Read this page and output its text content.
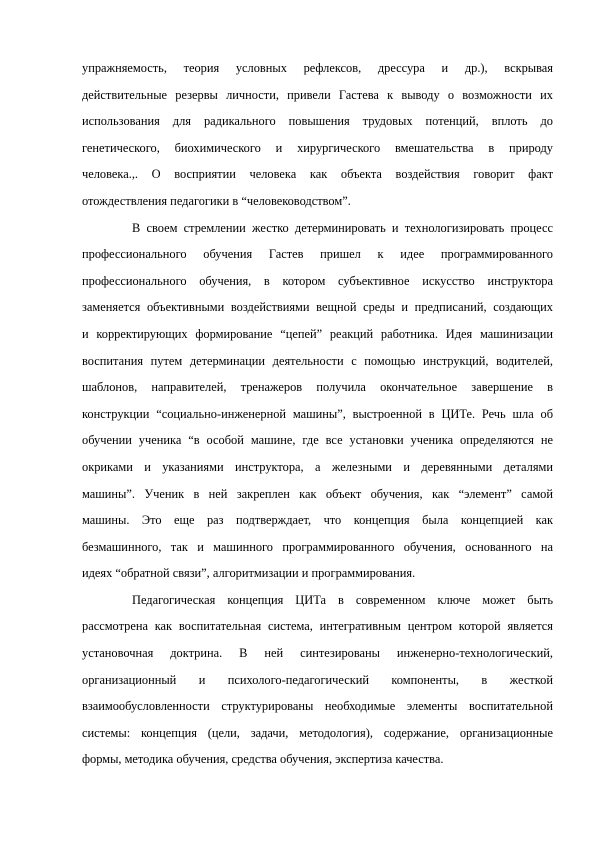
упражняемость, теория условных рефлексов, дрессура и др.), вскрывая
действительные резервы личности, привели Гастева к выводу о возможности их
использования для радикального повышения трудовых потенций, вплоть до
генетического, биохимического и хирургического вмешательства в природу
человека.,. О восприятии человека как объекта воздействия говорит факт
отождествления педагогики в “человеководством”.
В своем стремлении жестко детерминировать и технологизировать процесс
профессионального обучения Гастев пришел к идее программированного
профессионального обучения, в котором субъективное искусство инструктора
заменяется объективными воздействиями вещной среды и предписаний, создающих
и корректирующих формирование “цепей” реакций работника. Идея машинизации
воспитания путем детерминации деятельности с помощью инструкций, водителей,
шаблонов, направителей, тренажеров получила окончательное завершение в
конструкции “социально-инженерной машины”, выстроенной в ЦИТе. Речь шла об
обучении ученика “в особой машине, где все установки ученика определяются не
окриками и указаниями инструктора, а железными и деревянными деталями
машины”. Ученик в ней закреплен как объект обучения, как “элемент” самой
машины. Это еще раз подтверждает, что концепция была концепцией как
безмашинного, так и машинного программированного обучения, основанного на
идеях “обратной связи”, алгоритмизации и программирования.
Педагогическая концепция ЦИТа в современном ключе может быть
рассмотрена как воспитательная система, интегративным центром которой является
установочная доктрина. В ней синтезированы инженерно-технологический,
организационный и психолого-педагогический компоненты, в жесткой
взаимообусловленности структурированы необходимые элементы воспитательной
системы: концепция (цели, задачи, методология), содержание, организационные
формы, методика обучения, средства обучения, экспертиза качества.
